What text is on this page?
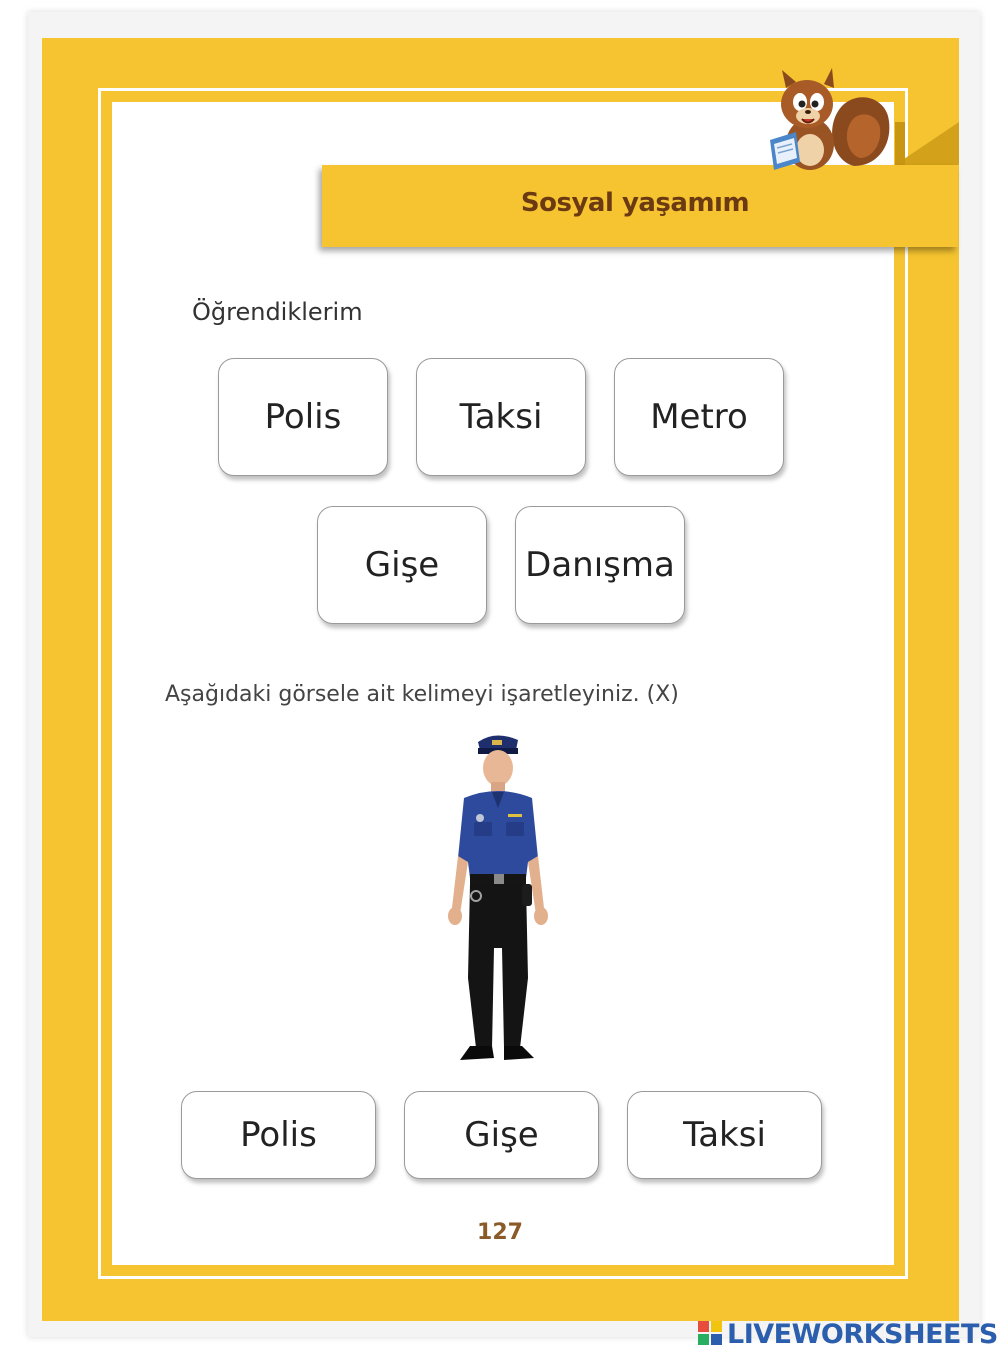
Sosyal yaşamım
Öğrendiklerim
Polis	Taksi	Metro
Gişe	Danışma
Aşağıdaki görsele ait kelimeyi işaretleyiniz. (X)
Polis	Gişe	Taksi
127
LIVEWORKSHEETS
